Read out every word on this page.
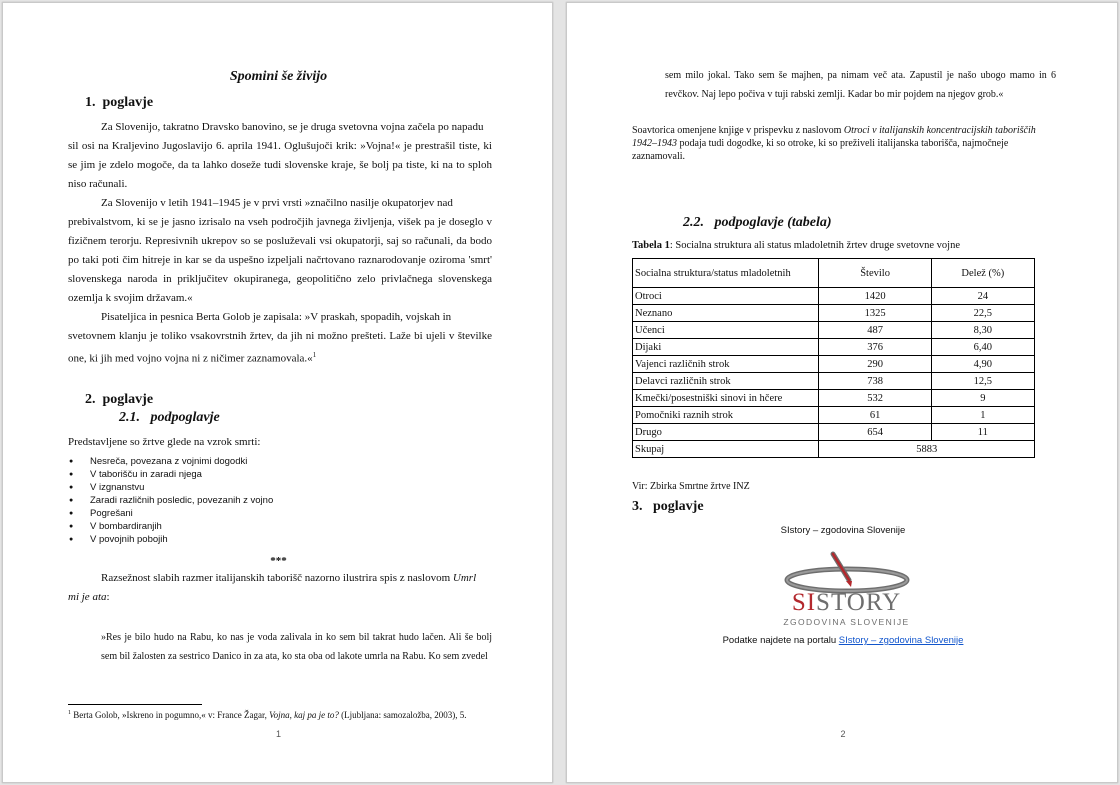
Spomini še živijo
1. poglavje
Za Slovenijo, takratno Dravsko banovino, se je druga svetovna vojna začela po napadu
sil osi na Kraljevino Jugoslavijo 6. aprila 1941. Oglušujoči krik: »Vojna!« je prestrašil tiste, ki se jim je zdelo mogoče, da ta lahko doseže tudi slovenske kraje, še bolj pa tiste, ki na to sploh niso računali.
Za Slovenijo v letih 1941–1945 je v prvi vrsti »značilno nasilje okupatorjev nad
prebivalstvom, ki se je jasno izrisalo na vseh področjih javnega življenja, višek pa je doseglo v fizičnem terorju. Represivnih ukrepov so se posluževali vsi okupatorji, saj so računali, da bodo po taki poti čim hitreje in kar se da uspešno izpeljali načrtovano raznarodovanje oziroma 'smrt' slovenskega naroda in priključitev okupiranega, geopolitično zelo privlačnega slovenskega ozemlja k svojim državam.«
Pisateljica in pesnica Berta Golob je zapisala: »V praskah, spopadih, vojskah in
svetovnem klanju je toliko vsakovrstnih žrtev, da jih ni možno prešteti. Laže bi ujeli v številke one, ki jih med vojno vojna ni z ničimer zaznamovala.«$^1$
2. poglavje
2.1. podpoglavje
Predstavljene so žrtve glede na vzrok smrti:
● Nesreča, povezana z vojnimi dogodki
● V taborišču in zaradi njega
● V izgnanstvu
● Zaradi različnih posledic, povezanih z vojno
● Pogrešani
● V bombardiranjih
● V povojnih pobojih
***
Razsežnost slabih razmer italijanskih taborišč nazorno ilustrira spis z naslovom Umrl
mi je ata:
»Res je bilo hudo na Rabu, ko nas je voda zalivala in ko sem bil takrat hudo lačen. Ali še bolj sem bil žalosten za sestrico Danico in za ata, ko sta oba od lakote umrla na Rabu. Ko sem zvedel
$^1$ Berta Golob, »Iskreno in pogumno,« v: France Žagar, Vojna, kaj pa je to? (Ljubljana: samozaložba, 2003), 5.
1
sem milo jokal. Tako sem še majhen, pa nimam več ata. Zapustil je našo ubogo mamo in 6 revčkov. Naj lepo počiva v tuji rabski zemlji. Kadar bo mir pojdem na njegov grob.«
Soavtorica omenjene knjige v prispevku z naslovom Otroci v italijanskih koncentracijskih taboriščih 1942–1943 podaja tudi dogodke, ki so otroke, ki so preživeli italijanska taborišča, najmočneje zaznamovali.
2.2. podpoglavje (tabela)
Tabela 1: Socialna struktura ali status mladoletnih žrtev druge svetovne vojne
Socialna struktura/status mladoletnih	Število	Delež (%)
Otroci	1420	24
Neznano	1325	22,5
Učenci	487	8,30
Dijaki	376	6,40
Vajenci različnih strok	290	4,90
Delavci različnih strok	738	12,5
Kmečki/posestniški sinovi in hčere	532	9
Pomočniki raznih strok	61	1
Drugo	654	11
Skupaj	5883	
Vir: Zbirka Smrtne žrtve INZ
3. poglavje
SIstory – zgodovina Slovenije
SISTORY
ZGODOVINA SLOVENIJE
Podatke najdete na portalu SIstory – zgodovina Slovenije
2
